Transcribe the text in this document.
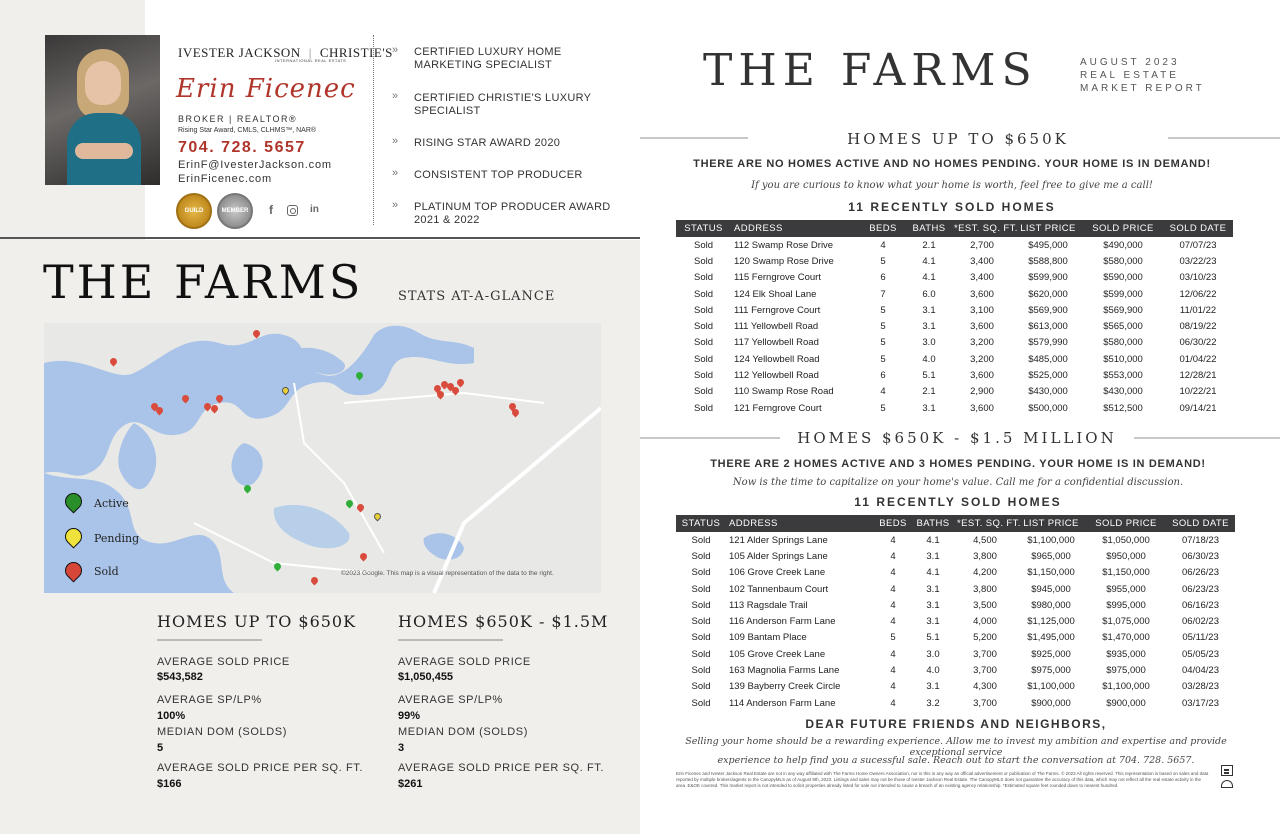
IVESTER JACKSON | CHRISTIE'S
INTERNATIONAL REAL ESTATE
Erin Ficenec
BROKER | REALTOR®
Rising Star Award, CMLS, CLHMS™, NAR®
704. 728. 5657
ErinF@IvesterJackson.com
ErinFicenec.com
GUILD	MEMBER	f	in
» CERTIFIED LUXURY HOME MARKETING SPECIALIST
» CERTIFIED CHRISTIE'S LUXURY SPECIALIST
» RISING STAR AWARD 2020
» CONSISTENT TOP PRODUCER
» PLATINUM TOP PRODUCER AWARD 2021 & 2022
THE FARMS	STATS AT-A-GLANCE
Active
Pending
Sold	©2023 Google. This map is a visual representation of the data to the right.
HOMES UP TO $650K
AVERAGE SOLD PRICE
$543,582
AVERAGE SP/LP%
100%
MEDIAN DOM (SOLDS)
5
AVERAGE SOLD PRICE PER SQ. FT.
$166
HOMES $650K - $1.5M
AVERAGE SOLD PRICE
$1,050,455
AVERAGE SP/LP%
99%
MEDIAN DOM (SOLDS)
3
AVERAGE SOLD PRICE PER SQ. FT.
$261
THE FARMS	AUGUST 2023
REAL ESTATE
MARKET REPORT
HOMES UP TO $650K
THERE ARE NO HOMES ACTIVE AND NO HOMES PENDING. YOUR HOME IS IN DEMAND!
If you are curious to know what your home is worth, feel free to give me a call!
11 RECENTLY SOLD HOMES
STATUS	ADDRESS	BEDS	BATHS	*EST. SQ. FT.	LIST PRICE	SOLD PRICE	SOLD DATE
Sold	112 Swamp Rose Drive	4	2.1	2,700	$495,000	$490,000	07/07/23
Sold	120 Swamp Rose Drive	5	4.1	3,400	$588,800	$580,000	03/22/23
Sold	115 Ferngrove Court	6	4.1	3,400	$599,900	$590,000	03/10/23
Sold	124 Elk Shoal Lane	7	6.0	3,600	$620,000	$599,000	12/06/22
Sold	111 Ferngrove Court	5	3.1	3,100	$569,900	$569,900	11/01/22
Sold	111 Yellowbell Road	5	3.1	3,600	$613,000	$565,000	08/19/22
Sold	117 Yellowbell Road	5	3.0	3,200	$579,990	$580,000	06/30/22
Sold	124 Yellowbell Road	5	4.0	3,200	$485,000	$510,000	01/04/22
Sold	112 Yellowbell Road	6	5.1	3,600	$525,000	$553,000	12/28/21
Sold	110 Swamp Rose Road	4	2.1	2,900	$430,000	$430,000	10/22/21
Sold	121 Ferngrove Court	5	3.1	3,600	$500,000	$512,500	09/14/21
HOMES $650K - $1.5 MILLION
THERE ARE 2 HOMES ACTIVE AND 3 HOMES PENDING. YOUR HOME IS IN DEMAND!
Now is the time to capitalize on your home's value. Call me for a confidential discussion.
11 RECENTLY SOLD HOMES
STATUS	ADDRESS	BEDS	BATHS	*EST. SQ. FT.	LIST PRICE	SOLD PRICE	SOLD DATE
Sold	121 Alder Springs Lane	4	4.1	4,500	$1,100,000	$1,050,000	07/18/23
Sold	105 Alder Springs Lane	4	3.1	3,800	$965,000	$950,000	06/30/23
Sold	106 Grove Creek Lane	4	4.1	4,200	$1,150,000	$1,150,000	06/26/23
Sold	102 Tannenbaum Court	4	3.1	3,800	$945,000	$955,000	06/23/23
Sold	113 Ragsdale Trail	4	3.1	3,500	$980,000	$995,000	06/16/23
Sold	116 Anderson Farm Lane	4	3.1	4,000	$1,125,000	$1,075,000	06/02/23
Sold	109 Bantam Place	5	5.1	5,200	$1,495,000	$1,470,000	05/11/23
Sold	105 Grove Creek Lane	4	3.0	3,700	$925,000	$935,000	05/05/23
Sold	163 Magnolia Farms Lane	4	4.0	3,700	$975,000	$975,000	04/04/23
Sold	139 Bayberry Creek Circle	4	3.1	4,300	$1,100,000	$1,100,000	03/28/23
Sold	114 Anderson Farm Lane	4	3.2	3,700	$900,000	$900,000	03/17/23
DEAR FUTURE FRIENDS AND NEIGHBORS,
Selling your home should be a rewarding experience. Allow me to invest my ambition and expertise and provide exceptional service
experience to help find you a sucessful sale. Reach out to start the conversation at 704. 728. 5657.
Erin Ficenec and Ivester Jackson Real Estate are not in any way affiliated with The Farms Home Owners Association, nor is this in any way an official advertisement or publication of The Farms. © 2023 All rights reserved. This representation is based on sales and data reported by multiple brokers/agents to the CanopyMLS as of August 9th, 2023. Listings and sales may not be those of Ivester Jackson Real Estate. The CanopyMLS does not guarantee the accuracy of this data, which may not reflect all the real estate activity in the area. E&OE covered. This market report is not intended to solicit properties already listed for sale nor intended to cause a breach of an existing agency relationship. *Estimated square feet rounded down to nearest hundred.
